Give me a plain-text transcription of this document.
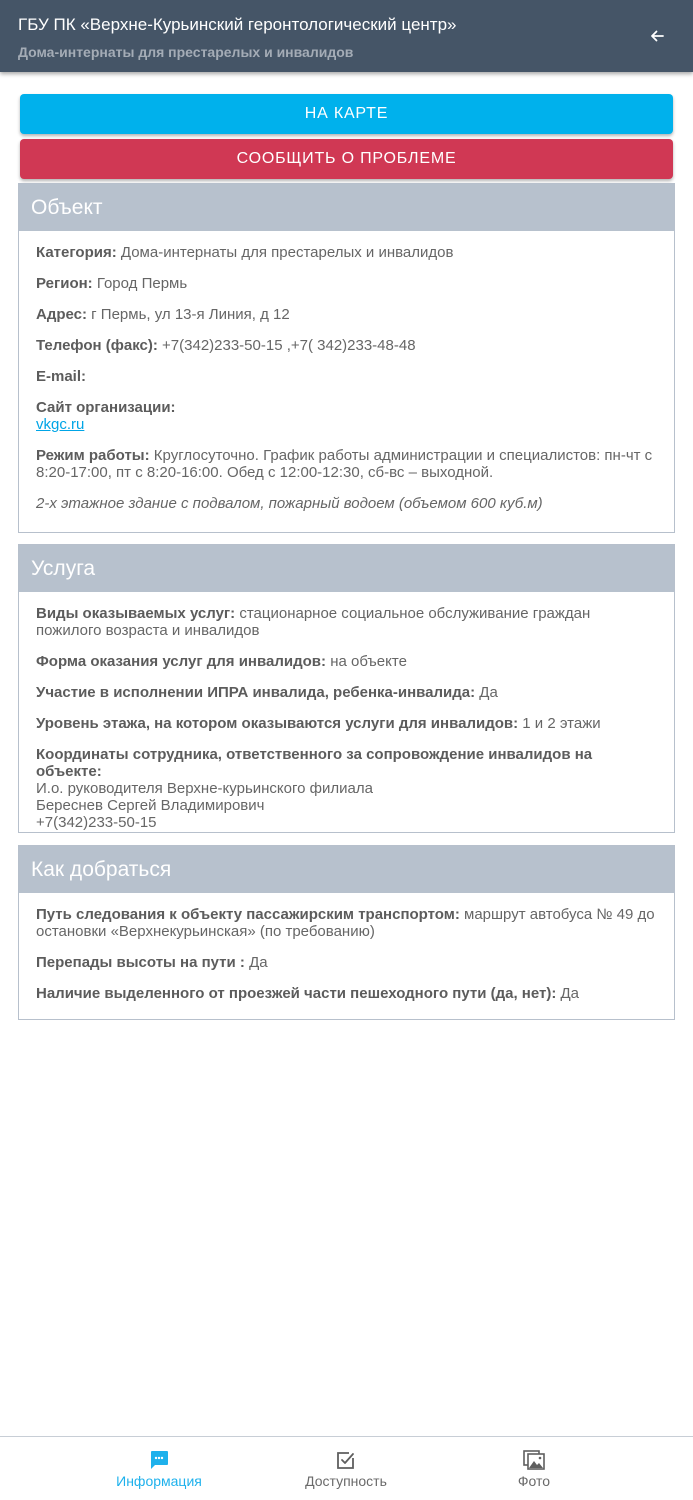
ГБУ ПК «Верхне-Курьинский геронтологический центр»
Дома-интернаты для престарелых и инвалидов
НА КАРТЕ
СООБЩИТЬ О ПРОБЛЕМЕ
Объект
Категория: Дома-интернаты для престарелых и инвалидов
Регион: Город Пермь
Адрес: г Пермь, ул 13-я Линия, д 12
Телефон (факс): +7(342)233-50-15 ,+7( 342)233-48-48
E-mail:
Сайт организации:
vkgc.ru
Режим работы: Круглосуточно. График работы администрации и специалистов: пн-чт с 8:20-17:00, пт с 8:20-16:00. Обед с 12:00-12:30, сб-вс – выходной.
2-х этажное здание с подвалом, пожарный водоем (объемом 600 куб.м)
Услуга
Виды оказываемых услуг: стационарное социальное обслуживание граждан пожилого возраста и инвалидов
Форма оказания услуг для инвалидов: на объекте
Участие в исполнении ИПРА инвалида, ребенка-инвалида: Да
Уровень этажа, на котором оказываются услуги для инвалидов: 1 и 2 этажи
Координаты сотрудника, ответственного за сопровождение инвалидов на объекте:
И.о. руководителя Верхне-курьинского филиала
Береснев Сергей Владимирович
+7(342)233-50-15
Как добраться
Путь следования к объекту пассажирским транспортом: маршрут автобуса № 49 до остановки «Верхнекурьинская» (по требованию)
Перепады высоты на пути : Да
Наличие выделенного от проезжей части пешеходного пути (да, нет): Да
Информация	Доступность	Фото
